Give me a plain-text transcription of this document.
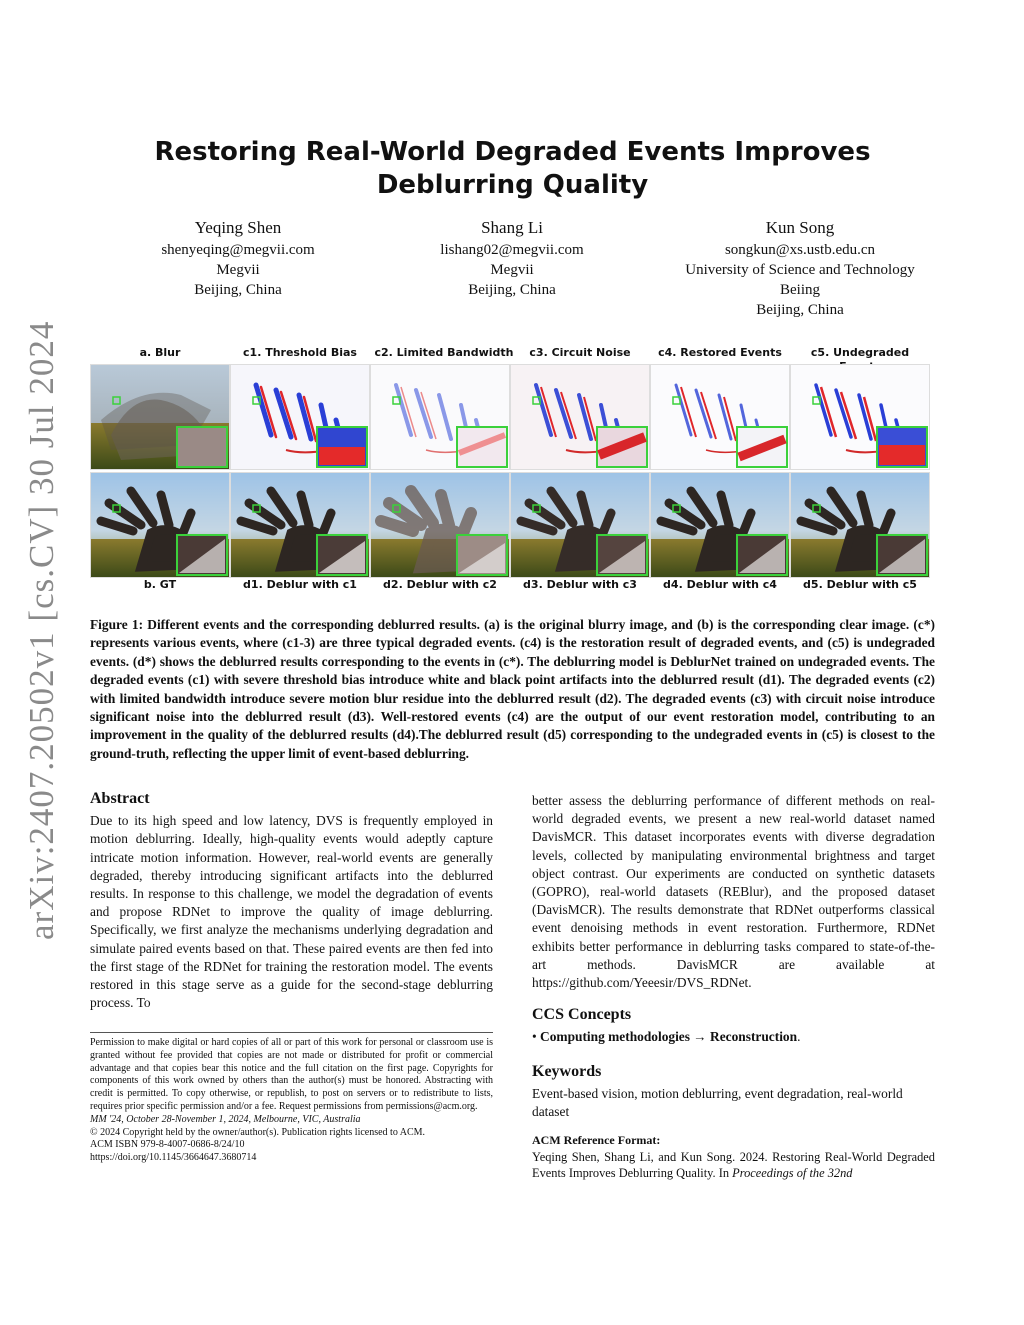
arXiv:2407.20502v1 [cs.CV] 30 Jul 2024
Restoring Real-World Degraded Events Improves Deblurring Quality
Yeqing Shen
shenyeqing@megvii.com
Megvii
Beijing, China
Shang Li
lishang02@megvii.com
Megvii
Beijing, China
Kun Song
songkun@xs.ustb.edu.cn
University of Science and Technology
Beiing
Beijing, China
a. Blur	c1. Threshold Bias	c2. Limited Bandwidth	c3. Circuit Noise	c4. Restored Events	c5. Undegraded
b. GT	d1. Deblur with c1	d2. Deblur with c2	d3. Deblur with c3	d4. Deblur with c4	d5. Deblur with c5
Figure 1: Different events and the corresponding deblurred results. (a) is the original blurry image, and (b) is the corresponding clear image. (c*) represents various events, where (c1-3) are three typical degraded events. (c4) is the restoration result of degraded events, and (c5) is undegraded events. (d*) shows the deblurred results corresponding to the events in (c*). The deblurring model is DeblurNet trained on undegraded events. The degraded events (c1) with severe threshold bias introduce white and black point artifacts into the deblurred result (d1). The degraded events (c2) with limited bandwidth introduce severe motion blur residue into the deblurred result (d2). The degraded events (c3) with circuit noise introduce significant noise into the deblurred result (d3). Well-restored events (c4) are the output of our event restoration model, contributing to an improvement in the quality of the deblurred results (d4).The deblurred result (d5) corresponding to the undegraded events in (c5) is closest to the ground-truth, reflecting the upper limit of event-based deblurring.
Abstract
Due to its high speed and low latency, DVS is frequently employed in motion deblurring. Ideally, high-quality events would adeptly capture intricate motion information. However, real-world events are generally degraded, thereby introducing significant artifacts into the deblurred results. In response to this challenge, we model the degradation of events and propose RDNet to improve the quality of image deblurring. Specifically, we first analyze the mechanisms underlying degradation and simulate paired events based on that. These paired events are then fed into the first stage of the RDNet for training the restoration model. The events restored in this stage serve as a guide for the second-stage deblurring process. To

Permission to make digital or hard copies of all or part of this work for personal or classroom use is granted without fee provided that copies are not made or distributed for profit or commercial advantage and that copies bear this notice and the full citation on the first page. Copyrights for components of this work owned by others than the author(s) must be honored. Abstracting with credit is permitted. To copy otherwise, or republish, to post on servers or to redistribute to lists, requires prior specific permission and/or a fee. Request permissions from permissions@acm.org.

MM '24, October 28-November 1, 2024, Melbourne, VIC, Australia

© 2024 Copyright held by the owner/author(s). Publication rights licensed to ACM.

ACM ISBN 979-8-4007-0686-8/24/10

https://doi.org/10.1145/3664647.3680714

better assess the deblurring performance of different methods on real-world degraded events, we present a new real-world dataset named DavisMCR. This dataset incorporates events with diverse degradation levels, collected by manipulating environmental brightness and target object contrast. Our experiments are conducted on synthetic datasets (GOPRO), real-world datasets (REBlur), and the proposed dataset (DavisMCR). The results demonstrate that RDNet outperforms classical event denoising methods in event restoration. Furthermore, RDNet exhibits better performance in deblurring tasks compared to state-of-the-art methods. DavisMCR are available at https://github.com/Yeeesir/DVS_RDNet.
CCS Concepts
• Computing methodologies → Reconstruction.
Keywords
Event-based vision, motion deblurring, event degradation, real-world dataset
ACM Reference Format:
Yeqing Shen, Shang Li, and Kun Song. 2024. Restoring Real-World Degraded Events Improves Deblurring Quality. In Proceedings of the 32nd
